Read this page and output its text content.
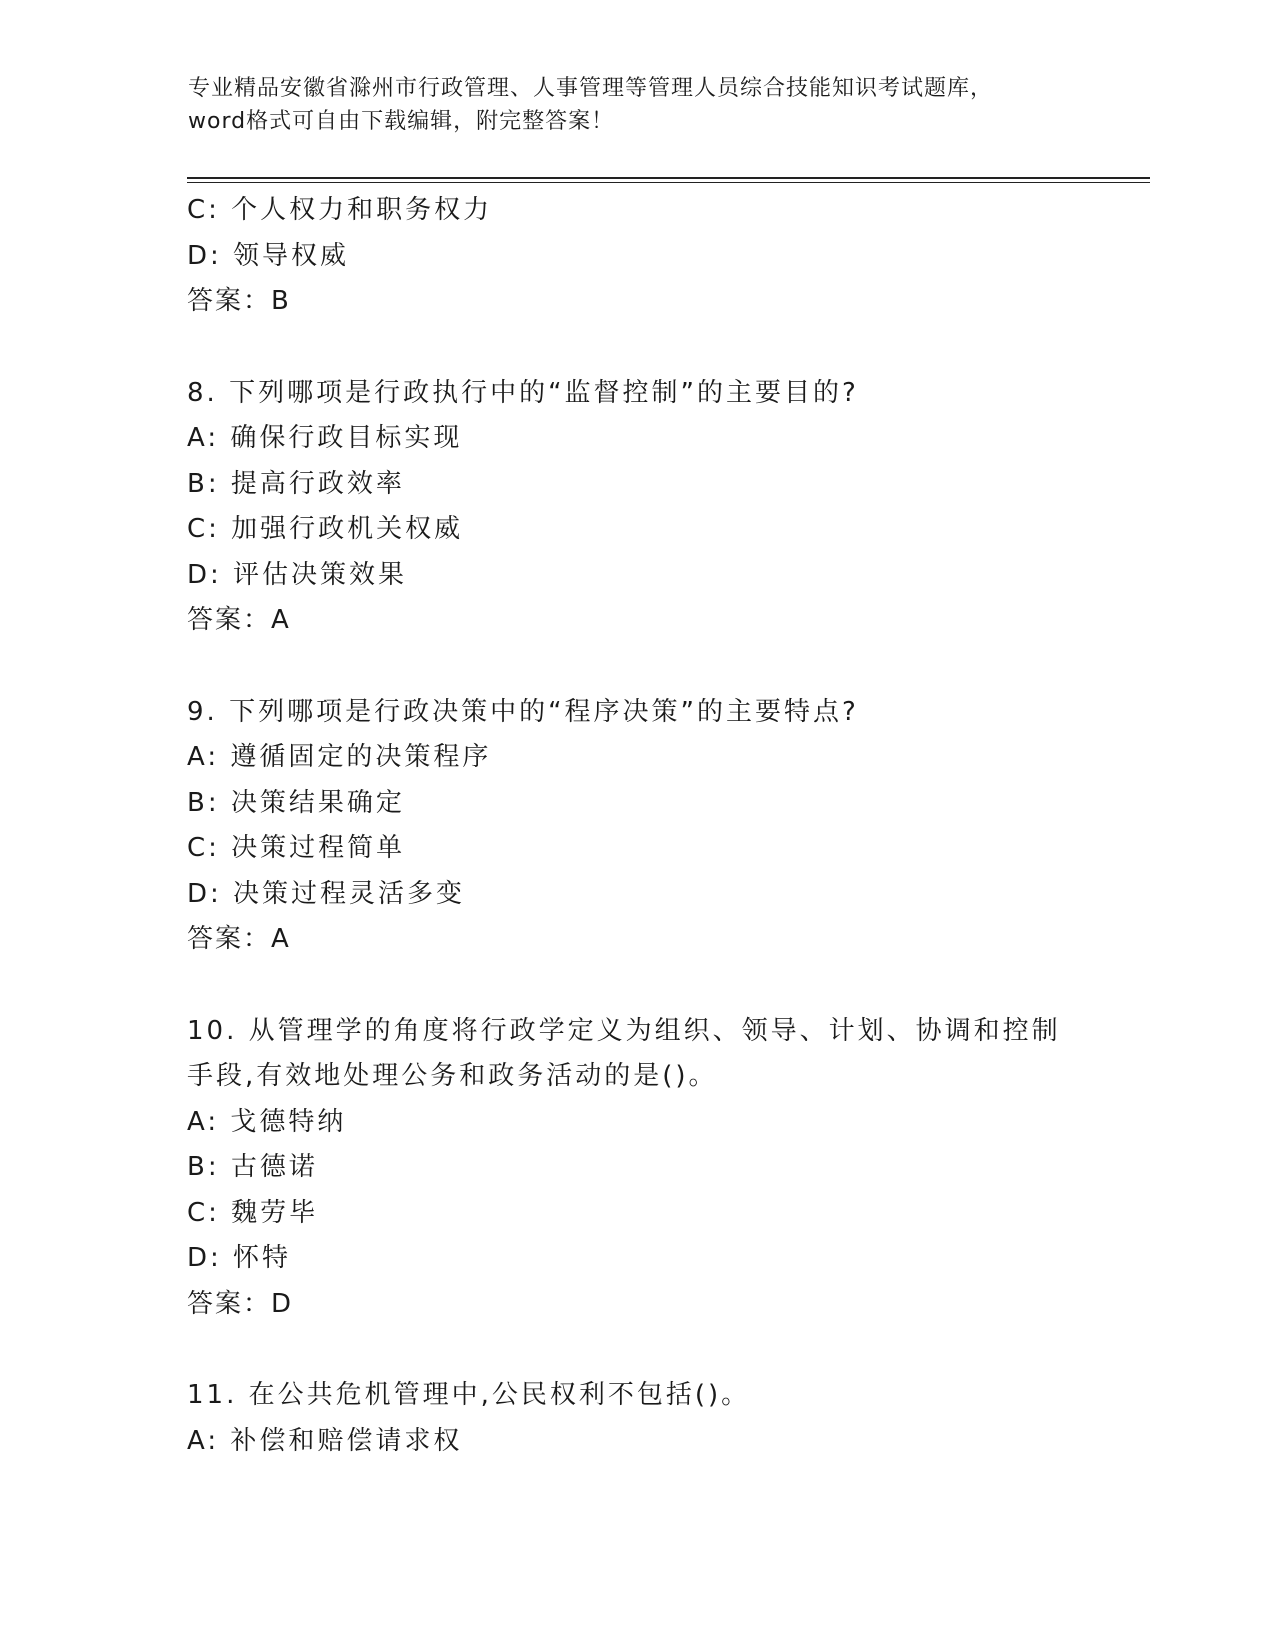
专业精品安徽省滁州市行政管理、人事管理等管理人员综合技能知识考试题库，
word格式可自由下载编辑，附完整答案！
C: 个人权力和职务权力
D: 领导权威
答案：B
8. 下列哪项是行政执行中的“监督控制”的主要目的?
A: 确保行政目标实现
B: 提高行政效率
C: 加强行政机关权威
D: 评估决策效果
答案：A
9. 下列哪项是行政决策中的“程序决策”的主要特点?
A: 遵循固定的决策程序
B: 决策结果确定
C: 决策过程简单
D: 决策过程灵活多变
答案：A
10. 从管理学的角度将行政学定义为组织、领导、计划、协调和控制
手段,有效地处理公务和政务活动的是()。
A: 戈德特纳
B: 古德诺
C: 魏劳毕
D: 怀特
答案：D
11. 在公共危机管理中,公民权利不包括()。
A: 补偿和赔偿请求权
